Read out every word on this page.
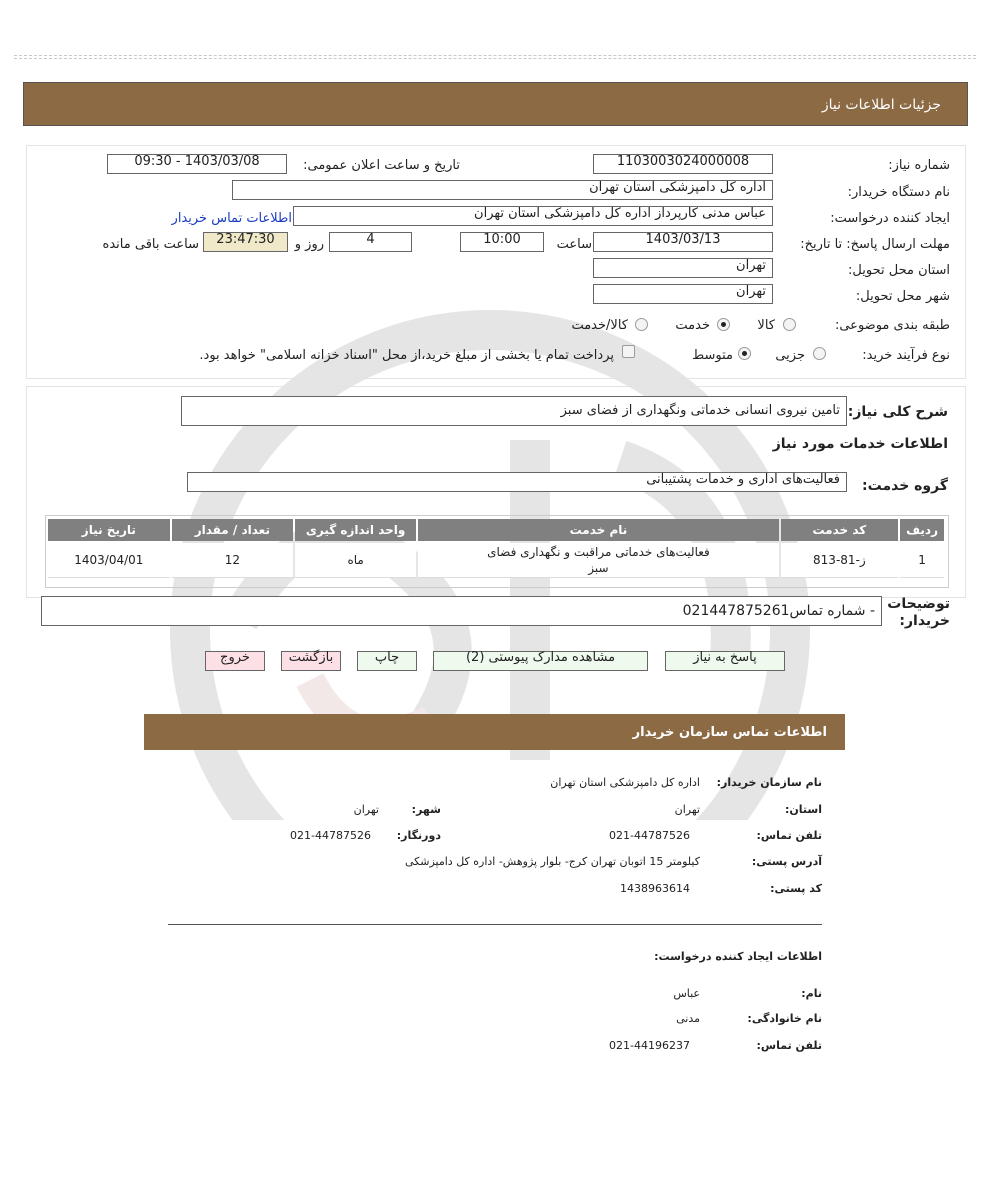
جزئیات اطلاعات نیاز
شماره نیاز:
1103003024000008
تاریخ و ساعت اعلان عمومی:
1403/03/08 - 09:30
نام دستگاه خریدار:
اداره کل دامپزشکی استان تهران
ایجاد کننده درخواست:
عباس مدنی کارپرداز اداره کل دامپزشکی استان تهران
اطلاعات تماس خریدار
مهلت ارسال پاسخ: تا تاریخ:
1403/03/13
ساعت
10:00
4
روز و
23:47:30
ساعت باقی مانده
استان محل تحویل:
تهران
شهر محل تحویل:
تهران
طبقه بندی موضوعی:
کالا
خدمت
کالا/خدمت
نوع فرآیند خرید:
جزیی
متوسط
پرداخت تمام یا بخشی از مبلغ خرید،از محل "اسناد خزانه اسلامی" خواهد بود.
شرح کلی نیاز:
تامین نیروی انسانی خدماتی ونگهداری از فضای سبز
اطلاعات خدمات مورد نیاز
گروه خدمت:
فعالیت‌های اداری و خدمات پشتیبانی
ردیف	کد خدمت	نام خدمت	واحد اندازه گیری	تعداد / مقدار	تاریخ نیاز
1	ز-81-813	فعالیت‌های خدماتی مراقبت و نگهداری فضای سبز	ماه	12	1403/04/01
توضیحات خریدار:
- شماره تماس021447875261
پاسخ به نیاز
مشاهده مدارک پیوستی (2)
چاپ
بازگشت
خروج
اطلاعات تماس سازمان خریدار
نام سازمان خریدار:
اداره کل دامپزشکی استان تهران
استان:
تهران
شهر:
تهران
تلفن تماس:
021-44787526
دورنگار:
021-44787526
آدرس پستی:
کیلومتر 15 اتوبان تهران کرج- بلوار پژوهش- اداره کل دامپزشکی
کد پستی:
1438963614
اطلاعات ایجاد کننده درخواست:
نام:
عباس
نام خانوادگی:
مدنی
تلفن تماس:
021-44196237
